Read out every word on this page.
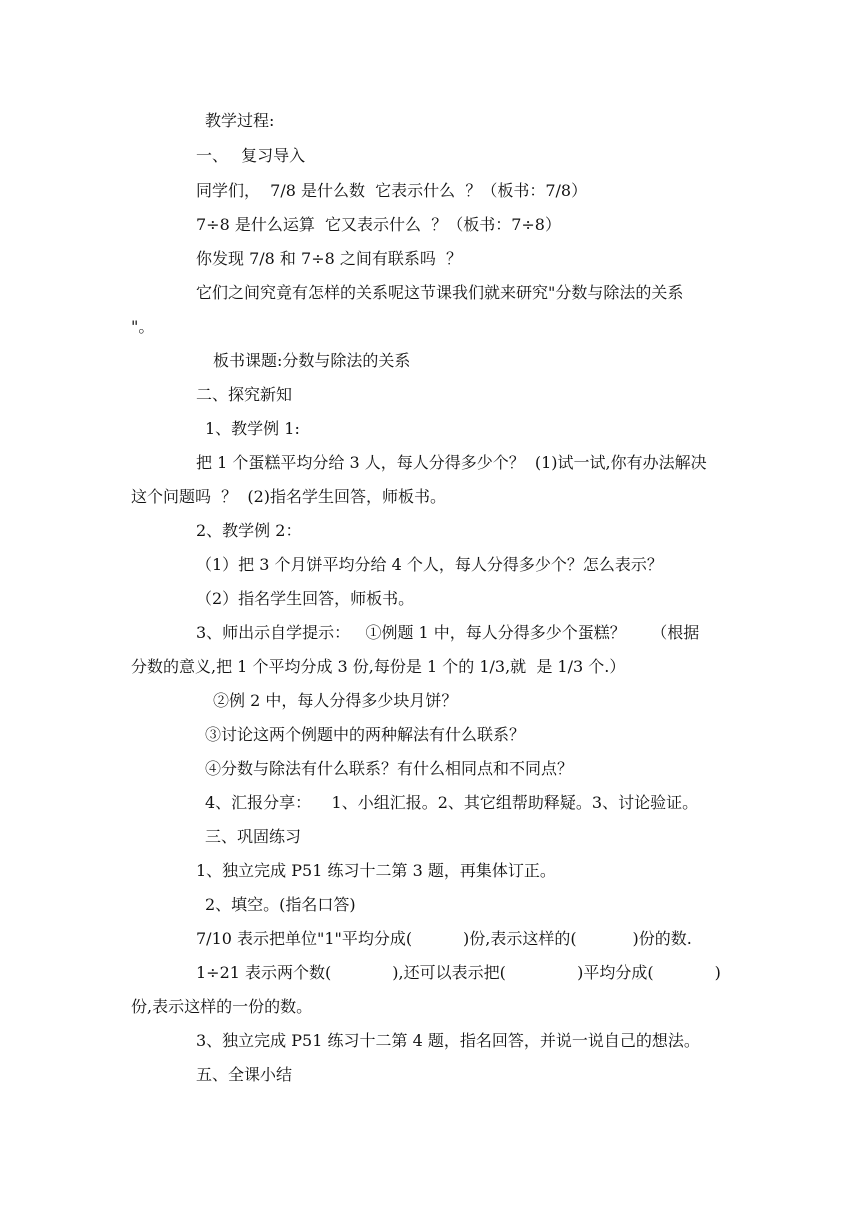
教学过程:
一、　 复习导入
同学们，  7/8 是什么数  它表示什么  ？（板书：7/8）
7÷8 是什么运算  它又表示什么  ？（板书：7÷8）
你发现 7/8 和 7÷8 之间有联系吗  ？
它们之间究竟有怎样的关系呢这节课我们就来研究"分数与除法的关系
"。
板书课题:分数与除法的关系
二、探究新知
1、教学例 1:
把 1 个蛋糕平均分给 3 人，每人分得多少个？  (1)试一试,你有办法解决
这个问题吗  ？  (2)指名学生回答，师板书。
2、教学例 2：
（1）把 3 个月饼平均分给 4 个人，每人分得多少个？怎么表示？
（2）指名学生回答，师板书。
3、师出示自学提示：   ①例题 1 中，每人分得多少个蛋糕？     （根据
分数的意义,把 1 个平均分成 3 份,每份是 1 个的 1/3,就  是 1/3 个.）
②例 2 中，每人分得多少块月饼？
③讨论这两个例题中的两种解法有什么联系？
④分数与除法有什么联系？有什么相同点和不同点？
4、汇报分享：    1、小组汇报。2、其它组帮助释疑。3、讨论验证。
三、巩固练习
1、独立完成 P51 练习十二第 3 题，再集体订正。
2、填空。(指名口答)
7/10 表示把单位"1"平均分成(          )份,表示这样的(           )份的数.
1÷21 表示两个数(            ),还可以表示把(              )平均分成(            )
份,表示这样的一份的数。
3、独立完成 P51 练习十二第 4 题，指名回答，并说一说自己的想法。
五、全课小结
